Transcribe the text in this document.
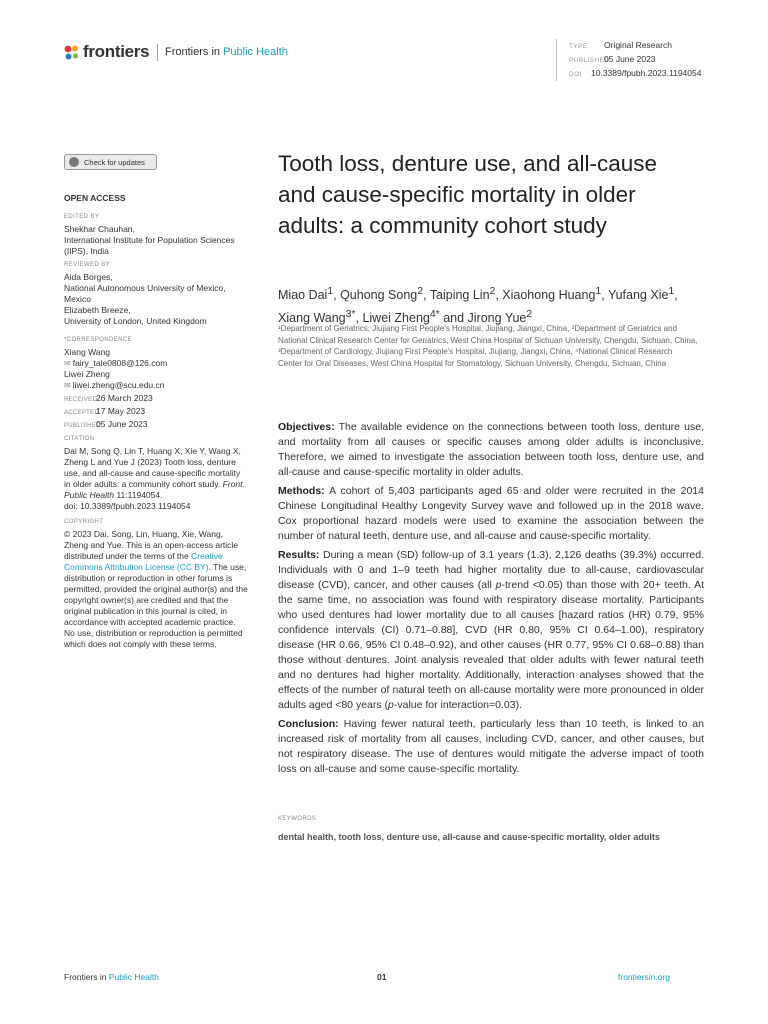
frontiers Frontiers in Public Health	TYPE Original Research
PUBLISHED05 June 2023
DOI 10.3389/fpubh.2023.1194054
Check for updates
OPEN ACCESS
EDITED BY
Shekhar Chauhan,
International Institute for Population Sciences
(IIPS), India
REVIEWED BY
Aida Borges,
National Autonomous University of Mexico,
Mexico
Elizabeth Breeze,
University of London, United Kingdom
*CORRESPONDENCE
Xiang Wang
✉ fairy_tale0808@126.com
Liwei Zheng
✉ liwei.zheng@scu.edu.cn
RECEIVED26 March 2023
ACCEPTED17 May 2023
PUBLISHED05 June 2023
CITATION
Dai M, Song Q, Lin T, Huang X, Xie Y, Wang X, Zheng L and Yue J (2023) Tooth loss, denture use, and all-cause and cause-specific mortality in older adults: a community cohort study. Front. Public Health 11:1194054.
doi: 10.3389/fpubh.2023.1194054
COPYRIGHT
© 2023 Dai, Song, Lin, Huang, Xie, Wang, Zheng and Yue. This is an open-access article distributed under the terms of the Creative Commons Attribution License (CC BY). The use, distribution or reproduction in other forums is permitted, provided the original author(s) and the copyright owner(s) are credited and that the original publication in this journal is cited, in accordance with accepted academic practice. No use, distribution or reproduction is permitted which does not comply with these terms.
Tooth loss, denture use, and all-cause and cause-specific mortality in older adults: a community cohort study
Miao Dai$^1$, Quhong Song$^2$, Taiping Lin$^2$, Xiaohong Huang$^1$, Yufang Xie$^1$, Xiang Wang$^{3*}$, Liwei Zheng$^{4*}$ and Jirong Yue$^2$
¹Department of Geriatrics, Jiujiang First People's Hospital, Jiujiang, Jiangxi, China, ²Department of Geriatrics and National Clinical Research Center for Geriatrics, West China Hospital of Sichuan University, Chengdu, Sichuan, China, ³Department of Cardiology, Jiujiang First People's Hospital, Jiujiang, Jiangxi, China, ⁴National Clinical Research Center for Oral Diseases, West China Hospital for Stomatology, Sichuan University, Chengdu, Sichuan, China

Objectives: The available evidence on the connections between tooth loss, denture use, and mortality from all causes or specific causes among older adults is inconclusive. Therefore, we aimed to investigate the association between tooth loss, denture use, and all-cause and cause-specific mortality in older adults.

Methods: A cohort of 5,403 participants aged 65 and older were recruited in the 2014 Chinese Longitudinal Healthy Longevity Survey wave and followed up in the 2018 wave. Cox proportional hazard models were used to examine the association between the number of natural teeth, denture use, and all-cause and cause-specific mortality.

Results: During a mean (SD) follow-up of 3.1 years (1.3), 2,126 deaths (39.3%) occurred. Individuals with 0 and 1–9 teeth had higher mortality due to all-cause, cardiovascular disease (CVD), cancer, and other causes (all p-trend <0.05) than those with 20+ teeth. At the same time, no association was found with respiratory disease mortality. Participants who used dentures had lower mortality due to all causes [hazard ratios (HR) 0.79, 95% confidence intervals (CI) 0.71–0.88], CVD (HR 0.80, 95% CI 0.64–1.00), respiratory disease (HR 0.66, 95% CI 0.48–0.92), and other causes (HR 0.77, 95% CI 0.68–0.88) than those without dentures. Joint analysis revealed that older adults with fewer natural teeth and no dentures had higher mortality. Additionally, interaction analyses showed that the effects of the number of natural teeth on all-cause mortality were more pronounced in older adults aged <80 years (p-value for interaction=0.03).

Conclusion: Having fewer natural teeth, particularly less than 10 teeth, is linked to an increased risk of mortality from all causes, including CVD, cancer, and other causes, but not respiratory disease. The use of dentures would mitigate the adverse impact of tooth loss on all-cause and some cause-specific mortality.

KEYWORDS
dental health, tooth loss, denture use, all-cause and cause-specific mortality, older adults
Frontiers in Public Health	01	frontiersin.org
